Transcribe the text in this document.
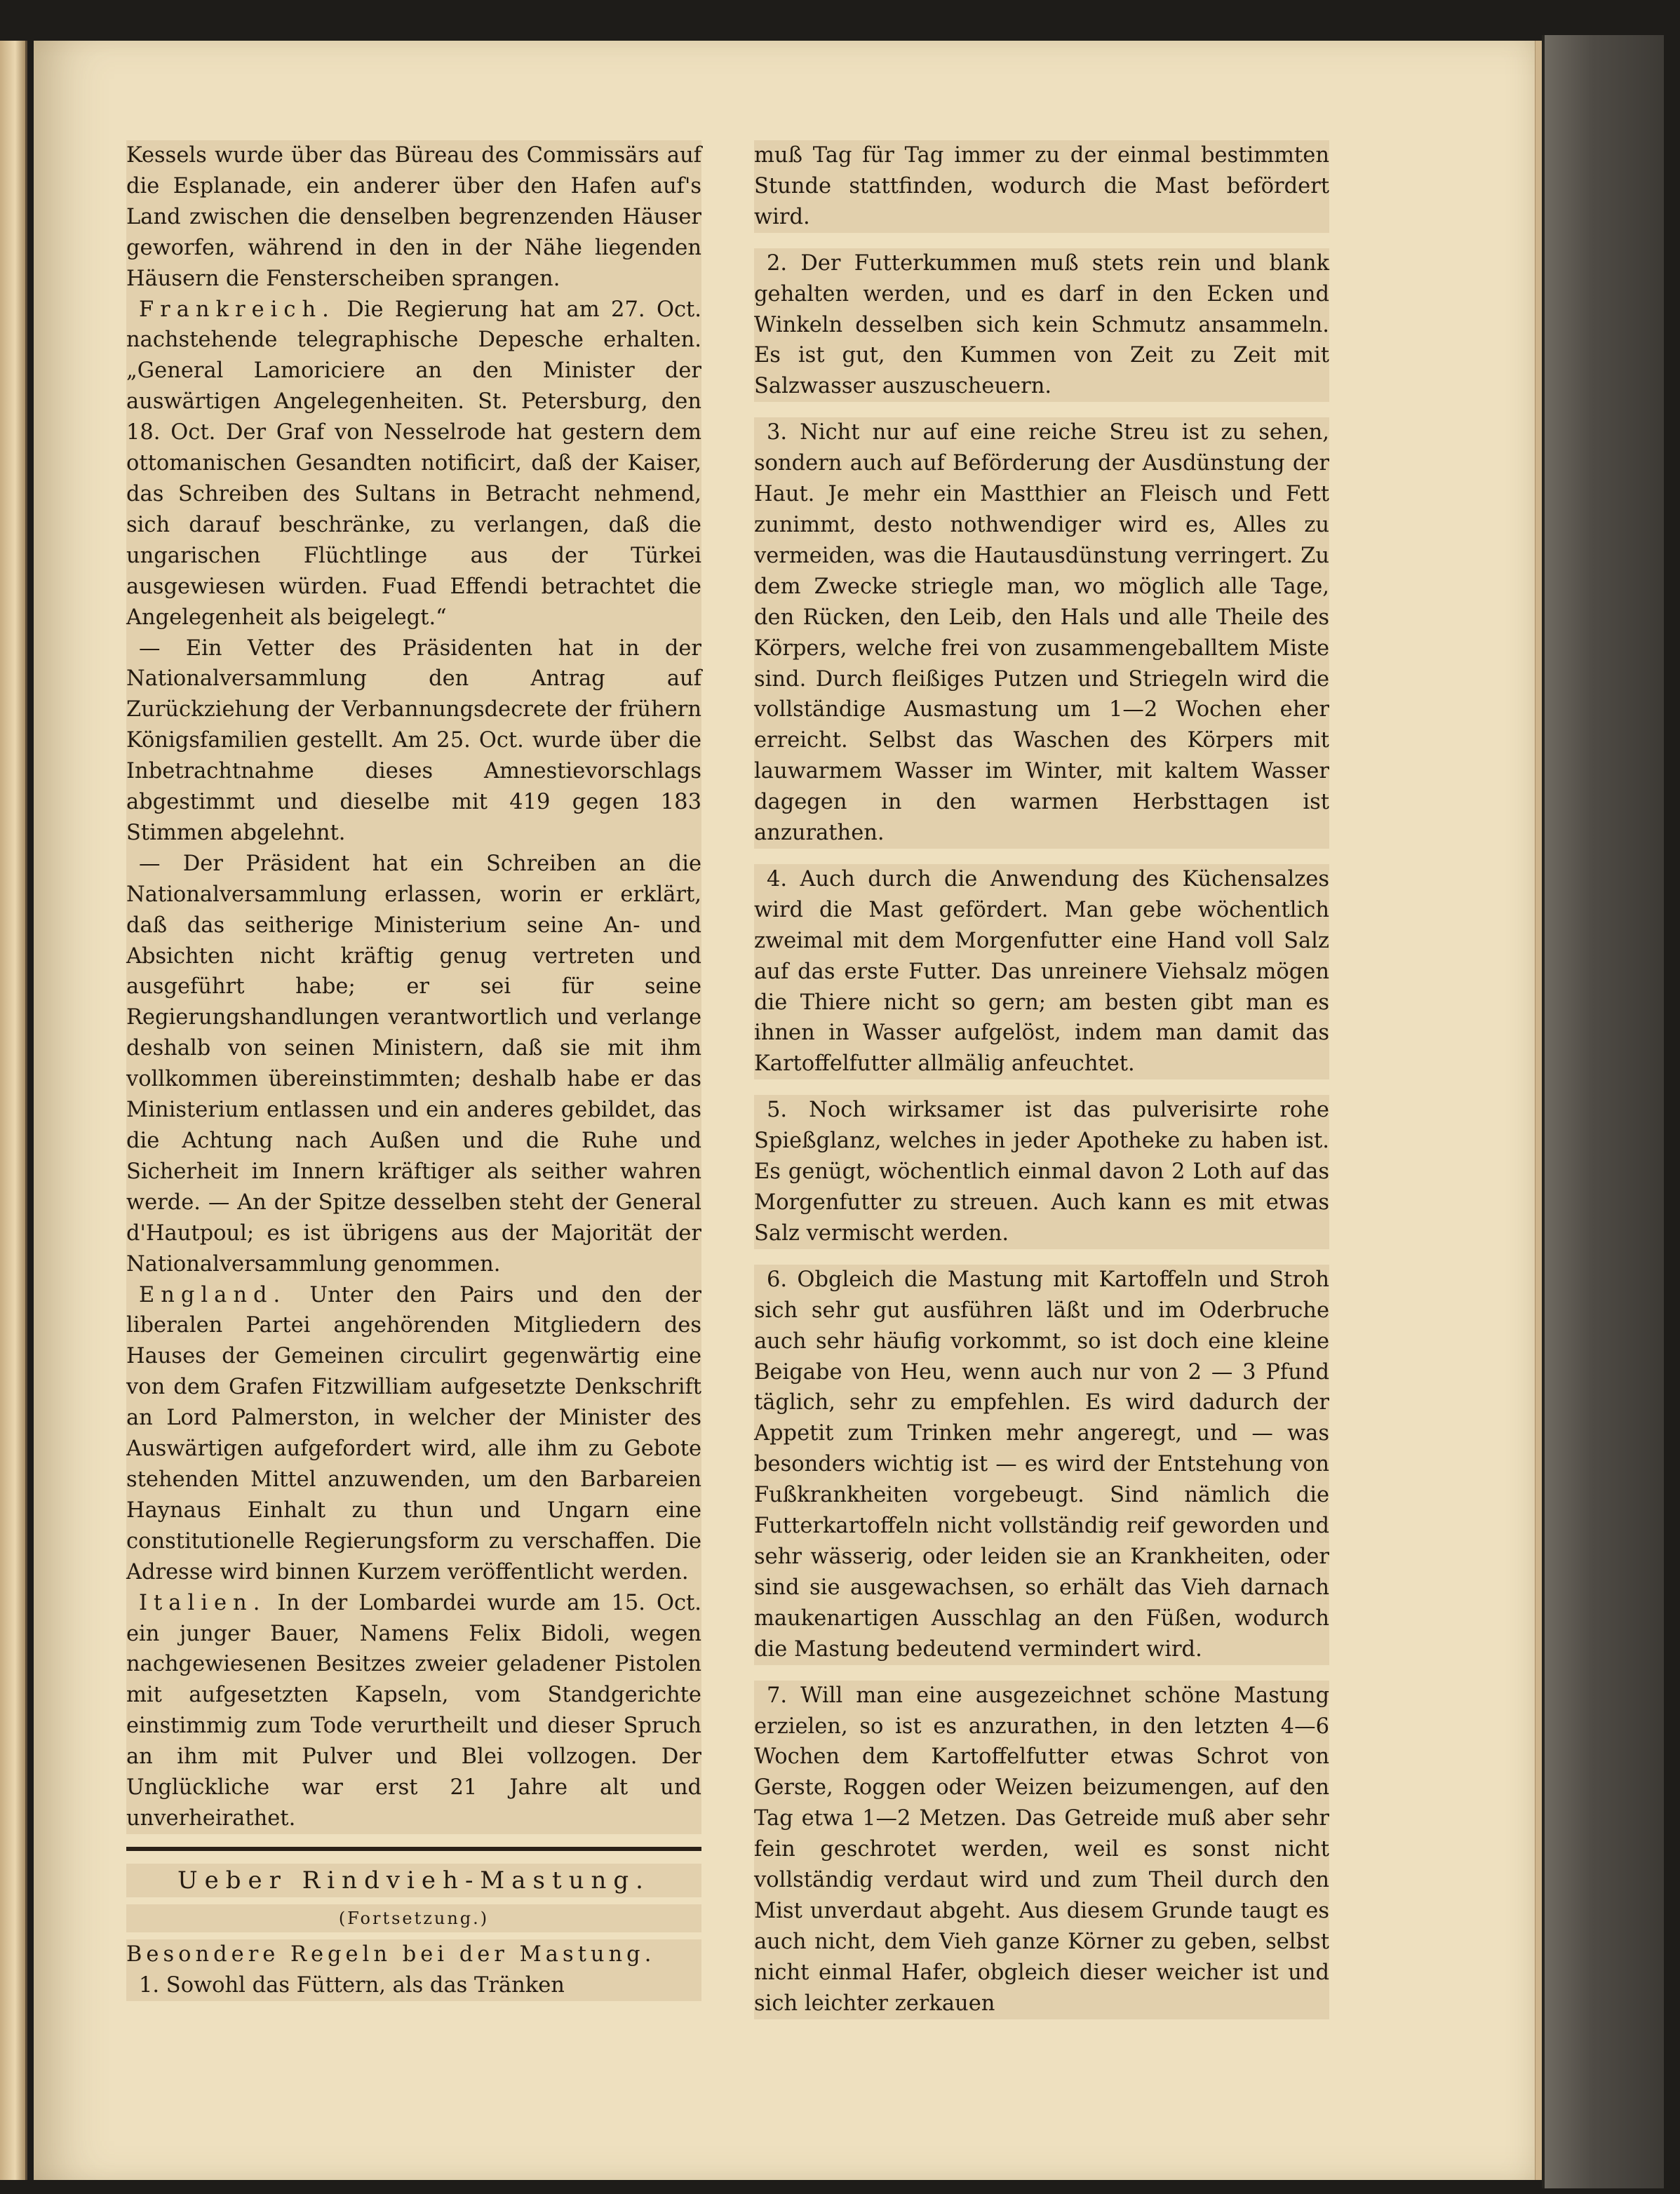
Kessels wurde über das Büreau des Commissärs auf die Esplanade, ein anderer über den Hafen auf's Land zwischen die denselben begrenzenden Häuser geworfen, während in den in der Nähe liegenden Häusern die Fensterscheiben sprangen.

Frankreich. Die Regierung hat am 27. Oct. nachstehende telegraphische Depesche erhalten. „General Lamoriciere an den Minister der auswärtigen Angelegenheiten. St. Petersburg, den 18. Oct. Der Graf von Nesselrode hat gestern dem ottomanischen Gesandten notificirt, daß der Kaiser, das Schreiben des Sultans in Betracht nehmend, sich darauf beschränke, zu verlangen, daß die ungarischen Flüchtlinge aus der Türkei ausgewiesen würden. Fuad Effendi betrachtet die Angelegenheit als beigelegt.“

— Ein Vetter des Präsidenten hat in der Nationalversammlung den Antrag auf Zurückziehung der Verbannungsdecrete der frühern Königsfamilien gestellt. Am 25. Oct. wurde über die Inbetrachtnahme dieses Amnestievorschlags abgestimmt und dieselbe mit 419 gegen 183 Stimmen abgelehnt.

— Der Präsident hat ein Schreiben an die Nationalversammlung erlassen, worin er erklärt, daß das seitherige Ministerium seine An- und Absichten nicht kräftig genug vertreten und ausgeführt habe; er sei für seine Regierungshandlungen verantwortlich und verlange deshalb von seinen Ministern, daß sie mit ihm vollkommen übereinstimmten; deshalb habe er das Ministerium entlassen und ein anderes gebildet, das die Achtung nach Außen und die Ruhe und Sicherheit im Innern kräftiger als seither wahren werde. — An der Spitze desselben steht der General d'Hautpoul; es ist übrigens aus der Majorität der Nationalversammlung genommen.

England. Unter den Pairs und den der liberalen Partei angehörenden Mitgliedern des Hauses der Gemeinen circulirt gegenwärtig eine von dem Grafen Fitzwilliam aufgesetzte Denkschrift an Lord Palmerston, in welcher der Minister des Auswärtigen aufgefordert wird, alle ihm zu Gebote stehenden Mittel anzuwenden, um den Barbareien Haynaus Einhalt zu thun und Ungarn eine constitutionelle Regierungsform zu verschaffen. Die Adresse wird binnen Kurzem veröffentlicht werden.

Italien. In der Lombardei wurde am 15. Oct. ein junger Bauer, Namens Felix Bidoli, wegen nachgewiesenen Besitzes zweier geladener Pistolen mit aufgesetzten Kapseln, vom Standgerichte einstimmig zum Tode verurtheilt und dieser Spruch an ihm mit Pulver und Blei vollzogen. Der Unglückliche war erst 21 Jahre alt und unverheirathet.

Ueber Rindvieh-Mastung.
(Fortsetzung.)

Besondere Regeln bei der Mastung.

1. Sowohl das Füttern, als das Tränken

muß Tag für Tag immer zu der einmal bestimmten Stunde stattfinden, wodurch die Mast befördert wird.

2. Der Futterkummen muß stets rein und blank gehalten werden, und es darf in den Ecken und Winkeln desselben sich kein Schmutz ansammeln. Es ist gut, den Kummen von Zeit zu Zeit mit Salzwasser auszuscheuern.

3. Nicht nur auf eine reiche Streu ist zu sehen, sondern auch auf Beförderung der Ausdünstung der Haut. Je mehr ein Mastthier an Fleisch und Fett zunimmt, desto nothwendiger wird es, Alles zu vermeiden, was die Hautausdünstung verringert. Zu dem Zwecke striegle man, wo möglich alle Tage, den Rücken, den Leib, den Hals und alle Theile des Körpers, welche frei von zusammengeballtem Miste sind. Durch fleißiges Putzen und Striegeln wird die vollständige Ausmastung um 1—2 Wochen eher erreicht. Selbst das Waschen des Körpers mit lauwarmem Wasser im Winter, mit kaltem Wasser dagegen in den warmen Herbsttagen ist anzurathen.

4. Auch durch die Anwendung des Küchensalzes wird die Mast gefördert. Man gebe wöchentlich zweimal mit dem Morgenfutter eine Hand voll Salz auf das erste Futter. Das unreinere Viehsalz mögen die Thiere nicht so gern; am besten gibt man es ihnen in Wasser aufgelöst, indem man damit das Kartoffelfutter allmälig anfeuchtet.

5. Noch wirksamer ist das pulverisirte rohe Spießglanz, welches in jeder Apotheke zu haben ist. Es genügt, wöchentlich einmal davon 2 Loth auf das Morgenfutter zu streuen. Auch kann es mit etwas Salz vermischt werden.

6. Obgleich die Mastung mit Kartoffeln und Stroh sich sehr gut ausführen läßt und im Oderbruche auch sehr häufig vorkommt, so ist doch eine kleine Beigabe von Heu, wenn auch nur von 2 — 3 Pfund täglich, sehr zu empfehlen. Es wird dadurch der Appetit zum Trinken mehr angeregt, und — was besonders wichtig ist — es wird der Entstehung von Fußkrankheiten vorgebeugt. Sind nämlich die Futterkartoffeln nicht vollständig reif geworden und sehr wässerig, oder leiden sie an Krankheiten, oder sind sie ausgewachsen, so erhält das Vieh darnach maukenartigen Ausschlag an den Füßen, wodurch die Mastung bedeutend vermindert wird.

7. Will man eine ausgezeichnet schöne Mastung erzielen, so ist es anzurathen, in den letzten 4—6 Wochen dem Kartoffelfutter etwas Schrot von Gerste, Roggen oder Weizen beizumengen, auf den Tag etwa 1—2 Metzen. Das Getreide muß aber sehr fein geschrotet werden, weil es sonst nicht vollständig verdaut wird und zum Theil durch den Mist unverdaut abgeht. Aus diesem Grunde taugt es auch nicht, dem Vieh ganze Körner zu geben, selbst nicht einmal Hafer, obgleich dieser weicher ist und sich leichter zerkauen
